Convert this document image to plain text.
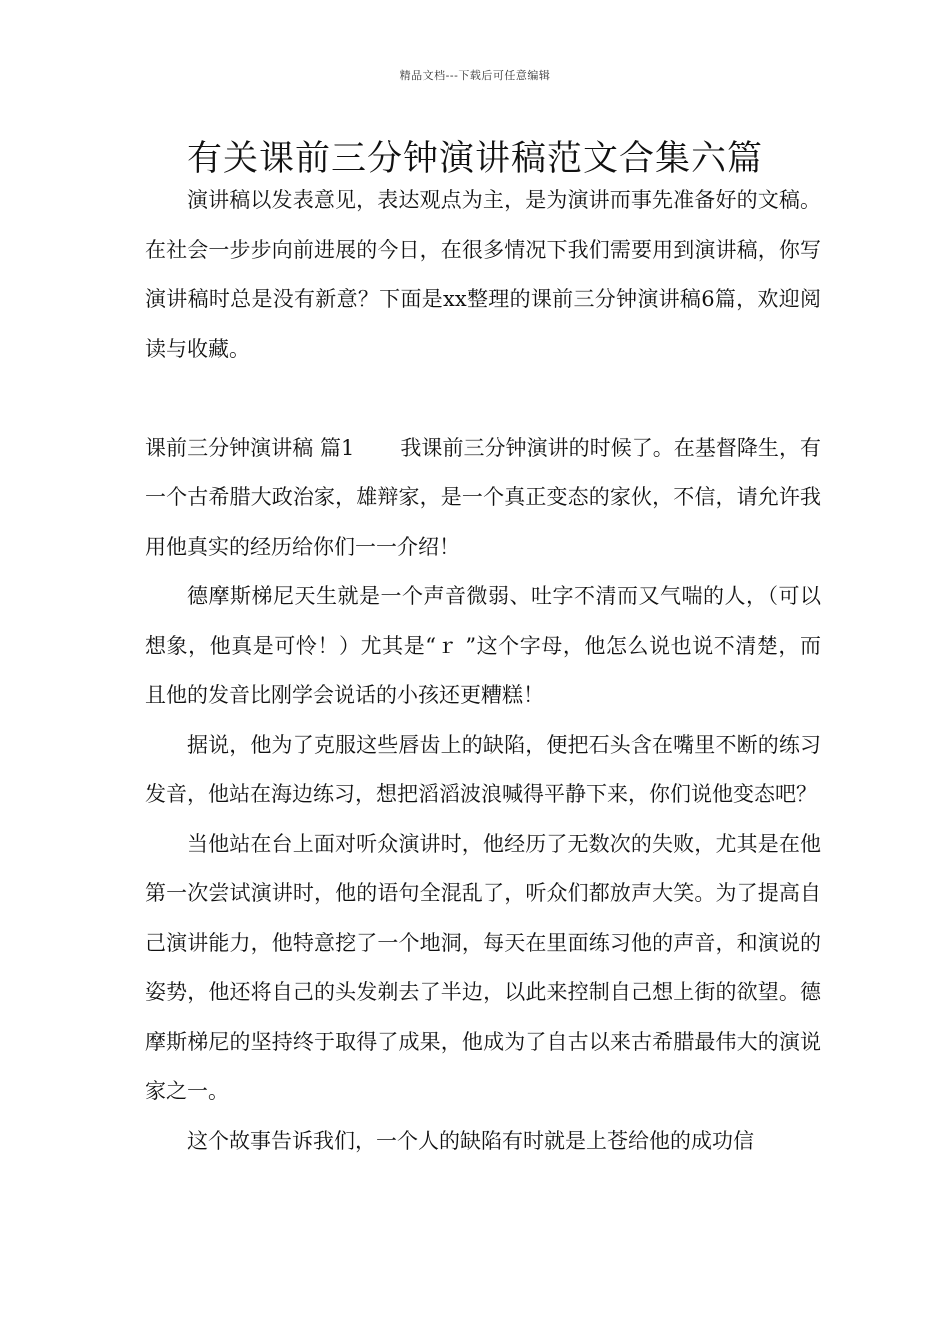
精品文档---下载后可任意编辑
有关课前三分钟演讲稿范文合集六篇

演讲稿以发表意见，表达观点为主，是为演讲而事先准备好的文稿。在社会一步步向前进展的今日，在很多情况下我们需要用到演讲稿，你写演讲稿时总是没有新意？下面是xx整理的课前三分钟演讲稿6篇，欢迎阅读与收藏。

课前三分钟演讲稿 篇1 我课前三分钟演讲的时候了。在基督降生，有一个古希腊大政治家，雄辩家，是一个真正变态的家伙，不信，请允许我用他真实的经历给你们一一介绍！

德摩斯梯尼天生就是一个声音微弱、吐字不清而又气喘的人，（可以想象，他真是可怜！）尤其是“ｒ ”这个字母，他怎么说也说不清楚，而且他的发音比刚学会说话的小孩还更糟糕！

据说，他为了克服这些唇齿上的缺陷，便把石头含在嘴里不断的练习发音，他站在海边练习，想把滔滔波浪喊得平静下来，你们说他变态吧？

当他站在台上面对听众演讲时，他经历了无数次的失败，尤其是在他第一次尝试演讲时，他的语句全混乱了，听众们都放声大笑。为了提高自己演讲能力，他特意挖了一个地洞，每天在里面练习他的声音，和演说的姿势，他还将自己的头发剃去了半边，以此来控制自己想上街的欲望。德摩斯梯尼的坚持终于取得了成果，他成为了自古以来古希腊最伟大的演说家之一。

这个故事告诉我们，一个人的缺陷有时就是上苍给他的成功信
